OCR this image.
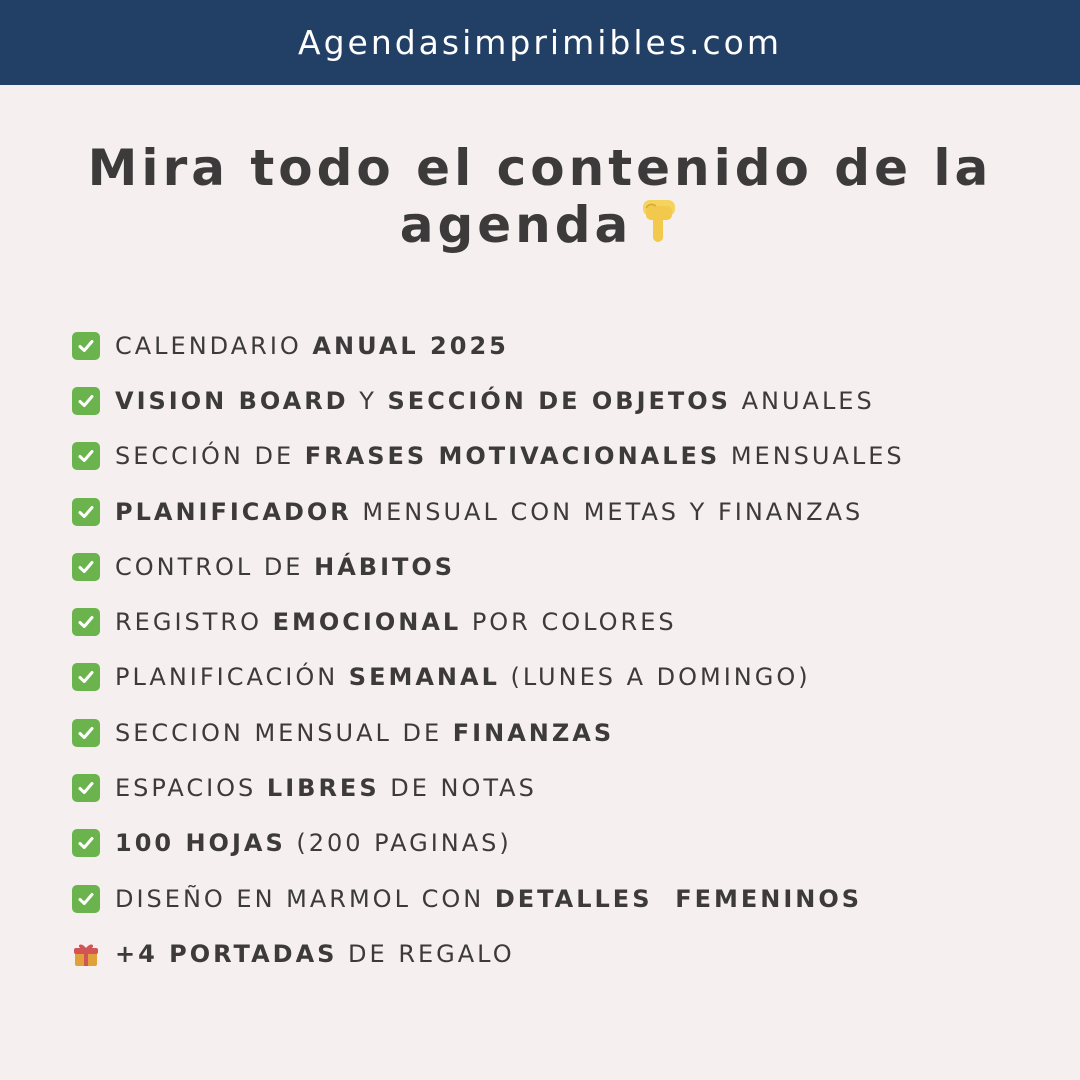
Agendasimprimibles.com
Mira todo el contenido de la
agenda
CALENDARIO ANUAL 2025
VISION BOARD Y SECCIÓN DE OBJETOS ANUALES
SECCIÓN DE FRASES MOTIVACIONALES MENSUALES
PLANIFICADOR MENSUAL CON METAS Y FINANZAS
CONTROL DE HÁBITOS
REGISTRO EMOCIONAL POR COLORES
PLANIFICACIÓN SEMANAL (LUNES A DOMINGO)
SECCION MENSUAL DE FINANZAS
ESPACIOS LIBRES DE NOTAS
100 HOJAS (200 PAGINAS)
DISEÑO EN MARMOL CON DETALLES  FEMENINOS
+4 PORTADAS DE REGALO
